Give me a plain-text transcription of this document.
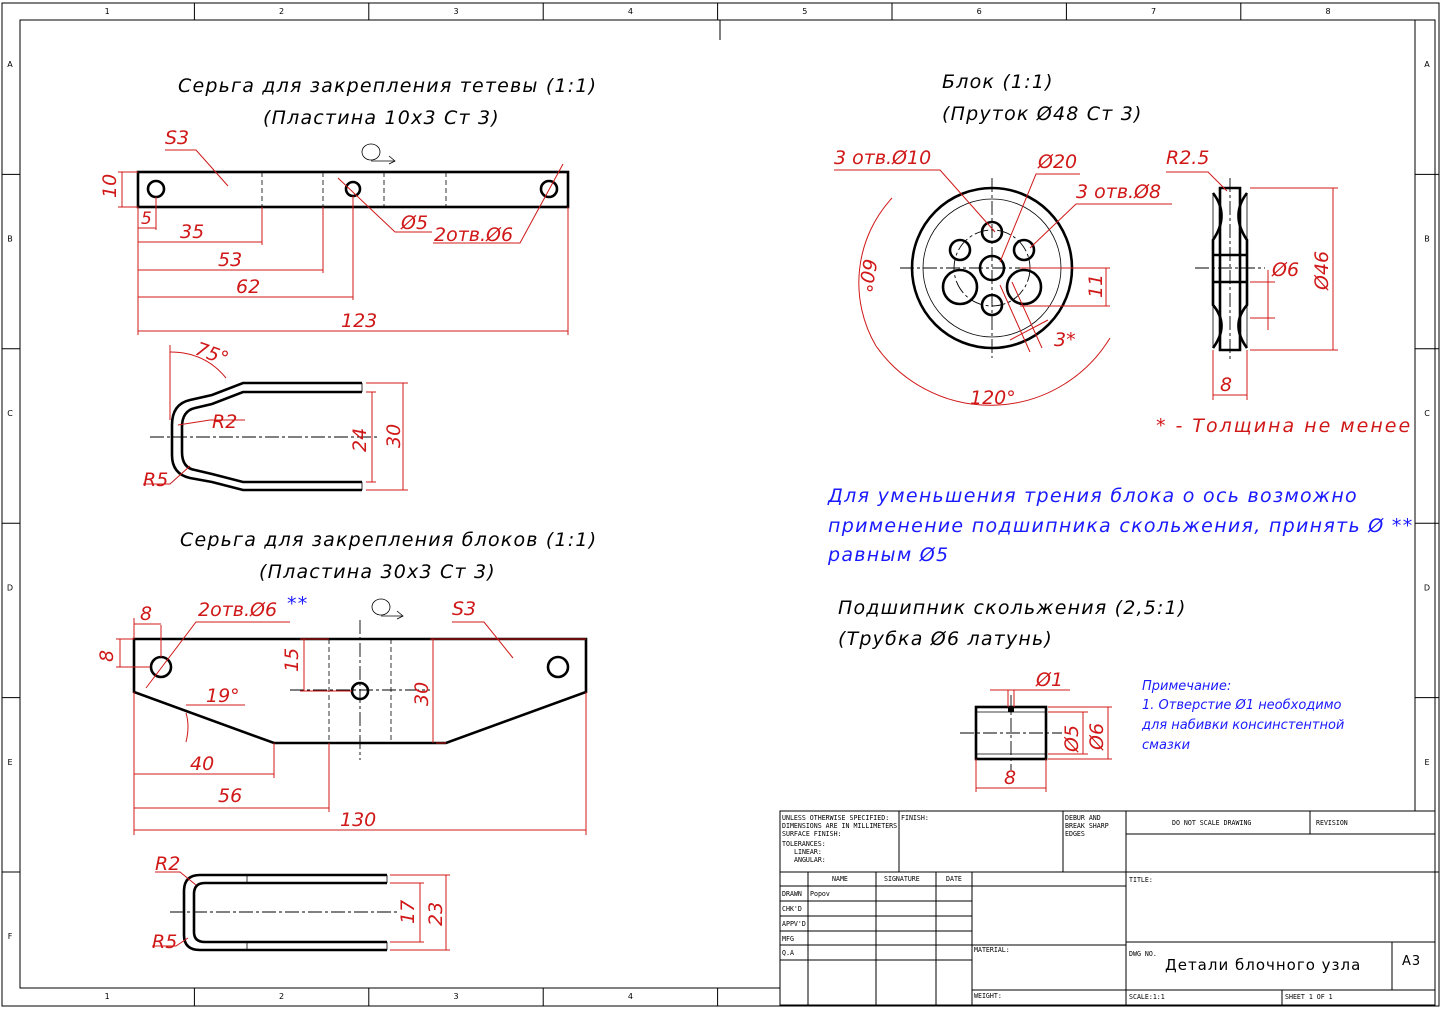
1
1
2
2
3
3
4
4
5	6	7	8
A	A
B	B
C	C
D	D
E	E
F
Серьга для закрепления тетевы (1:1)
(Пластина 10x3 Ст 3)
S3
10
5
35
53
62
123
Ø5
2отв.Ø6
75°
R2
R5
24 30
Серьга для закрепления блоков (1:1)
(Пластина 30x3 Ст 3)
S3
8 2отв.Ø6 **
8	15
30
19°
40
56
130
R2
R5
17 23
Блок (1:1)
(Пруток Ø48 Ст 3)
3 отв.Ø10	Ø20
3 отв.Ø8
60°
120°
11
3*
R2.5
Ø6 Ø46
8
* - Толщина не менее
Для уменьшения трения блока о ось возможно
применение подшипника скольжения, принять Ø **
равным Ø5
Подшипник скольжения (2,5:1)
(Трубка Ø6 латунь)
Ø1
Ø5 Ø6
8
Примечание:
1. Отверстие Ø1 необходимо
для набивки консинстентной
смазки
UNLESS OTHERWISE SPECIFIED:
DIMENSIONS ARE IN MILLIMETERS
SURFACE FINISH:
TOLERANCES:
LINEAR:
ANGULAR:
FINISH:	DEBUR AND
BREAK SHARP
EDGES
DO NOT SCALE DRAWING	REVISION
NAME	SIGNATURE	DATE
DRAWN Popov
CHK'D
APPV'D
MFG
Q.A
TITLE:
MATERIAL:
WEIGHT:
DWG NO.
Детали блочного узла	A3
SCALE:1:1	SHEET 1 OF 1
